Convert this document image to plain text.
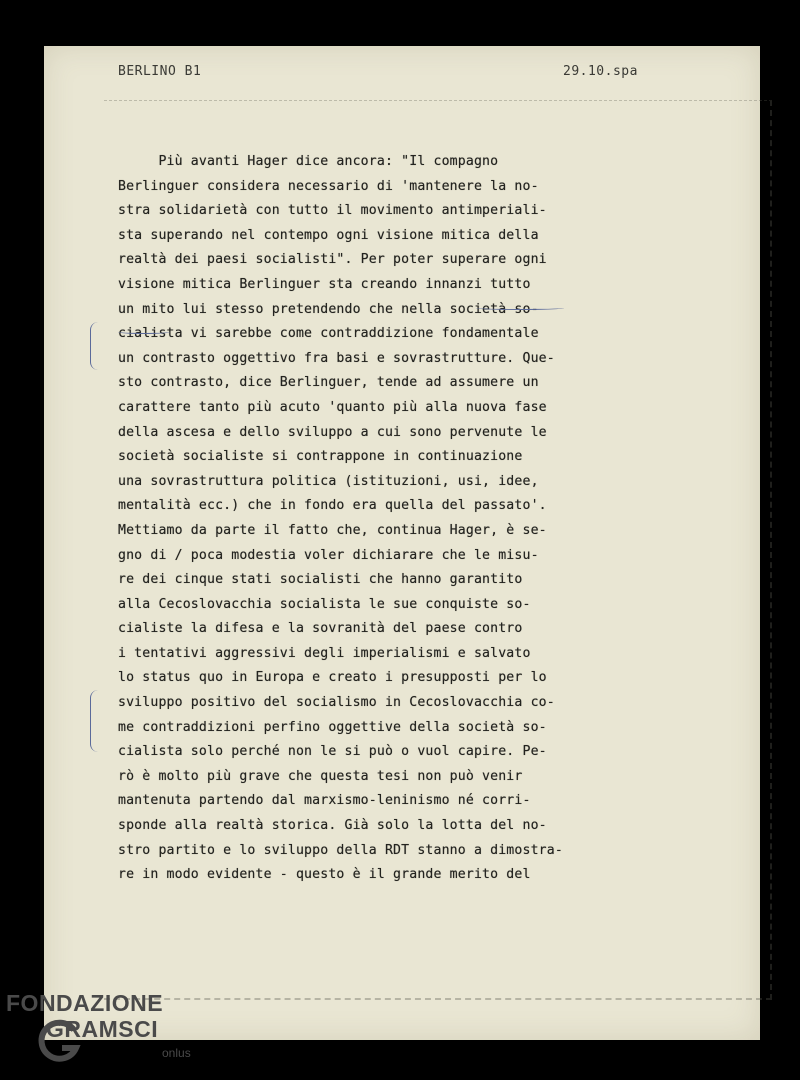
BERLINO B1	29.10.spa
Più avanti Hager dice ancora: "Il compagno
Berlinguer considera necessario di 'mantenere la no-
stra solidarietà con tutto il movimento antimperiali-
sta superando nel contempo ogni visione mitica della
realtà dei paesi socialisti". Per poter superare ogni
visione mitica Berlinguer sta creando innanzi tutto
un mito lui stesso pretendendo che nella società so-
cialista vi sarebbe come contraddizione fondamentale
un contrasto oggettivo fra basi e sovrastrutture. Que-
sto contrasto, dice Berlinguer, tende ad assumere un
carattere tanto più acuto 'quanto più alla nuova fase
della ascesa e dello sviluppo a cui sono pervenute le
società socialiste si contrappone in continuazione
una sovrastruttura politica (istituzioni, usi, idee,
mentalità ecc.) che in fondo era quella del passato'.
Mettiamo da parte il fatto che, continua Hager, è se-
gno di / poca modestia voler dichiarare che le misu-
re dei cinque stati socialisti che hanno garantito
alla Cecoslovacchia socialista le sue conquiste so-
cialiste la difesa e la sovranità del paese contro
i tentativi aggressivi degli imperialismi e salvato
lo status quo in Europa e creato i presupposti per lo
sviluppo positivo del socialismo in Cecoslovacchia co-
me contraddizioni perfino oggettive della società so-
cialista solo perché non le si può o vuol capire. Pe-
rò è molto più grave che questa tesi non può venir
mantenuta partendo dal marxismo-leninismo né corri-
sponde alla realtà storica. Già solo la lotta del no-
stro partito e lo sviluppo della RDT stanno a dimostra-
re in modo evidente - questo è il grande merito del
FONDAZIONE
GRAMSCI
onlus
